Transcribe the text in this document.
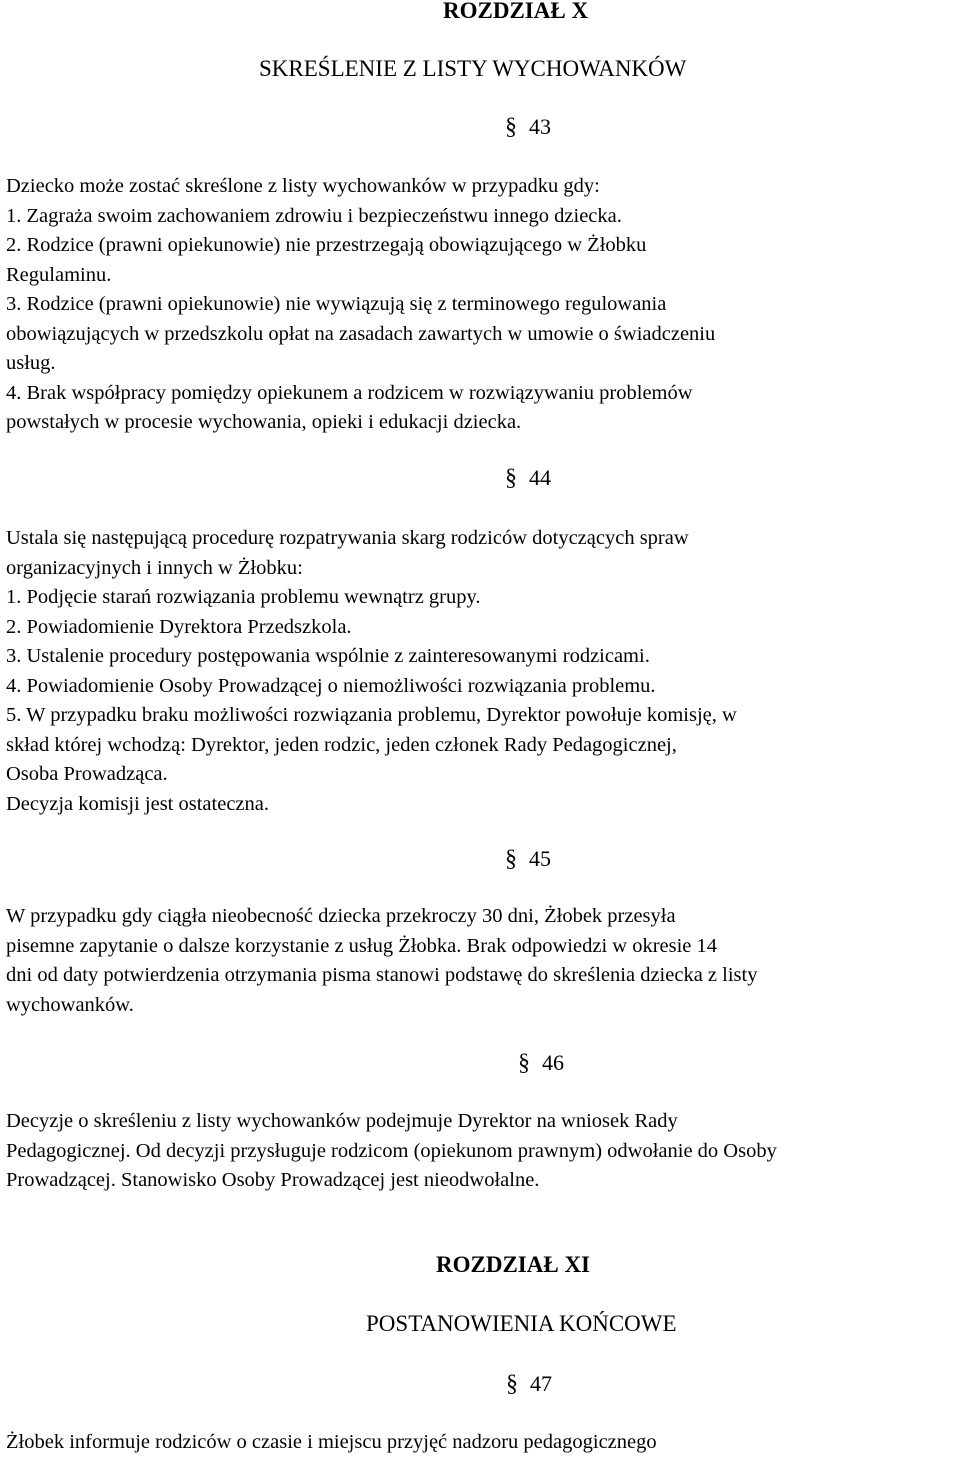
ROZDZIAŁ X
SKREŚLENIE Z LISTY WYCHOWANKÓW
§ 43
Dziecko może zostać skreślone z listy wychowanków w przypadku gdy:
1. Zagraża swoim zachowaniem zdrowiu i bezpieczeństwu innego dziecka.
2. Rodzice (prawni opiekunowie) nie przestrzegają obowiązującego w Żłobku
Regulaminu.
3. Rodzice (prawni opiekunowie) nie wywiązują się z terminowego regulowania
obowiązujących w przedszkolu opłat na zasadach zawartych w umowie o świadczeniu
usług.
4. Brak współpracy pomiędzy opiekunem a rodzicem w rozwiązywaniu problemów
powstałych w procesie wychowania, opieki i edukacji dziecka.
§ 44
Ustala się następującą procedurę rozpatrywania skarg rodziców dotyczących spraw
organizacyjnych i innych w Żłobku:
1. Podjęcie starań rozwiązania problemu wewnątrz grupy.
2. Powiadomienie Dyrektora Przedszkola.
3. Ustalenie procedury postępowania wspólnie z zainteresowanymi rodzicami.
4. Powiadomienie Osoby Prowadzącej o niemożliwości rozwiązania problemu.
5. W przypadku braku możliwości rozwiązania problemu, Dyrektor powołuje komisję, w
skład której wchodzą: Dyrektor, jeden rodzic, jeden członek Rady Pedagogicznej,
Osoba Prowadząca.
Decyzja komisji jest ostateczna.
§ 45
W przypadku gdy ciągła nieobecność dziecka przekroczy 30 dni, Żłobek przesyła
pisemne zapytanie o dalsze korzystanie z usług Żłobka. Brak odpowiedzi w okresie 14
dni od daty potwierdzenia otrzymania pisma stanowi podstawę do skreślenia dziecka z listy
wychowanków.
§ 46
Decyzje o skreśleniu z listy wychowanków podejmuje Dyrektor na wniosek Rady
Pedagogicznej. Od decyzji przysługuje rodzicom (opiekunom prawnym) odwołanie do Osoby
Prowadzącej. Stanowisko Osoby Prowadzącej jest nieodwołalne.
ROZDZIAŁ XI
POSTANOWIENIA KOŃCOWE
§ 47
Żłobek informuje rodziców o czasie i miejscu przyjęć nadzoru pedagogicznego
